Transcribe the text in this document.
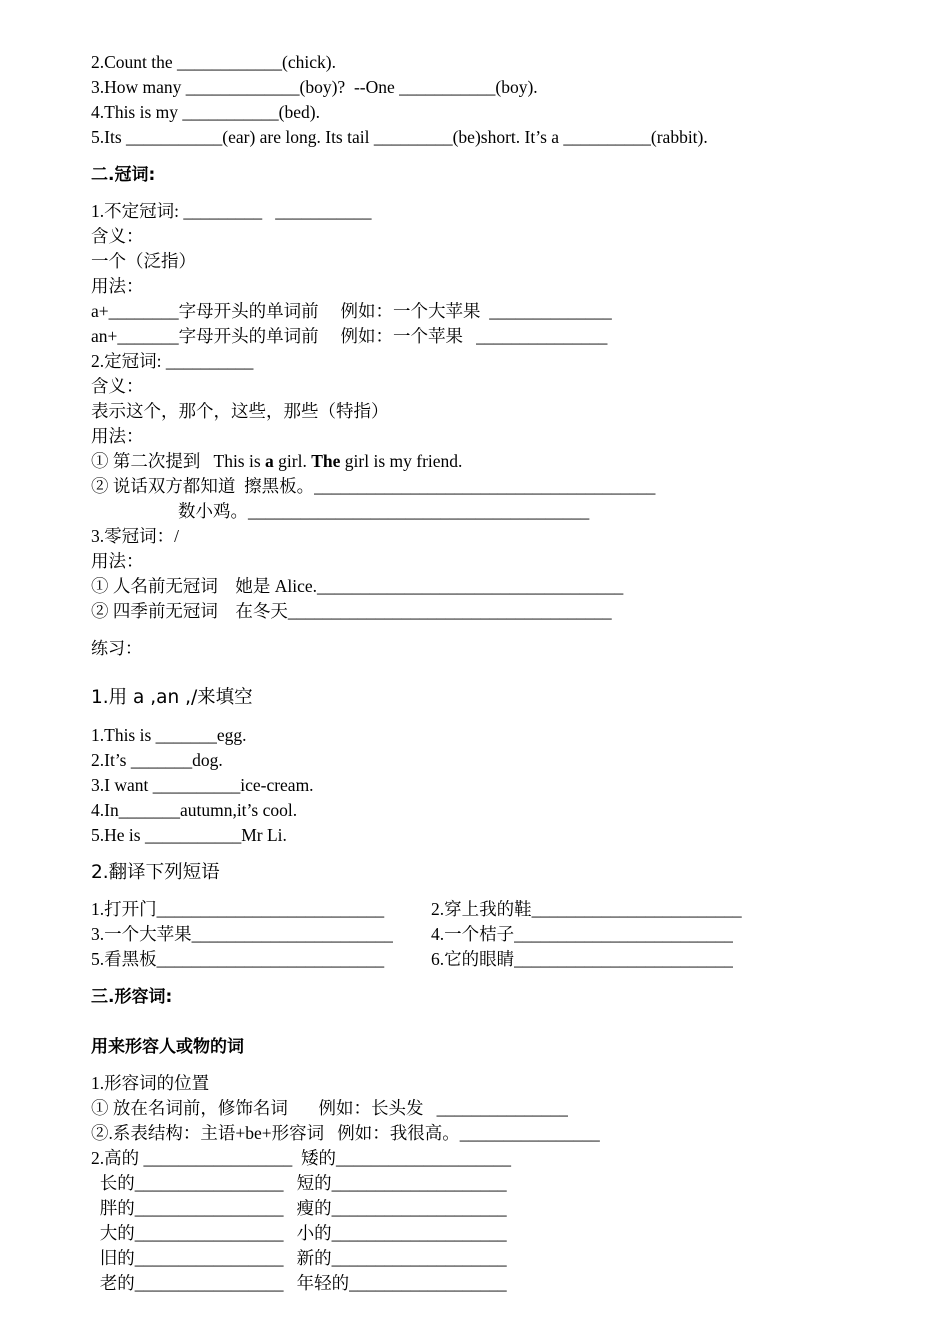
2.Count the ____________(chick).
3.How many _____________(boy)?  --One ___________(boy).
4.This is my ___________(bed).
5.Its ___________(ear) are long. Its tail _________(be)short. It’s a __________(rabbit).
二.冠词:
1.不定冠词: _________   ___________
含义：
一个（泛指）
用法：
a+________字母开头的单词前     例如：一个大苹果  ______________
an+_______字母开头的单词前     例如：一个苹果   _______________
2.定冠词: __________
含义：
表示这个，那个，这些，那些（特指）
用法：
① 第二次提到   This is a girl. The girl is my friend.
② 说话双方都知道  擦黑板。_______________________________________
数小鸡。_______________________________________
3.零冠词：/
用法：
① 人名前无冠词    她是 Alice.___________________________________
② 四季前无冠词    在冬天_____________________________________
练习：
1.用 a ,an ,/来填空
1.This is _______egg.
2.It’s _______dog.
3.I want __________ice-cream.
4.In_______autumn,it’s cool.
5.He is ___________Mr Li.
2.翻译下列短语
1.打开门__________________________	2.穿上我的鞋________________________
3.一个大苹果_______________________ 4.一个桔子_________________________
5.看黑板__________________________	6.它的眼睛_________________________
三.形容词:
用来形容人或物的词
1.形容词的位置
① 放在名词前，修饰名词       例如：长头发   _______________
②.系表结构：主语+be+形容词   例如：我很高。________________
2.高的 _________________  矮的____________________
长的_________________   短的____________________
胖的_________________   瘦的____________________
大的_________________   小的____________________
旧的_________________   新的____________________
老的_________________   年轻的__________________
